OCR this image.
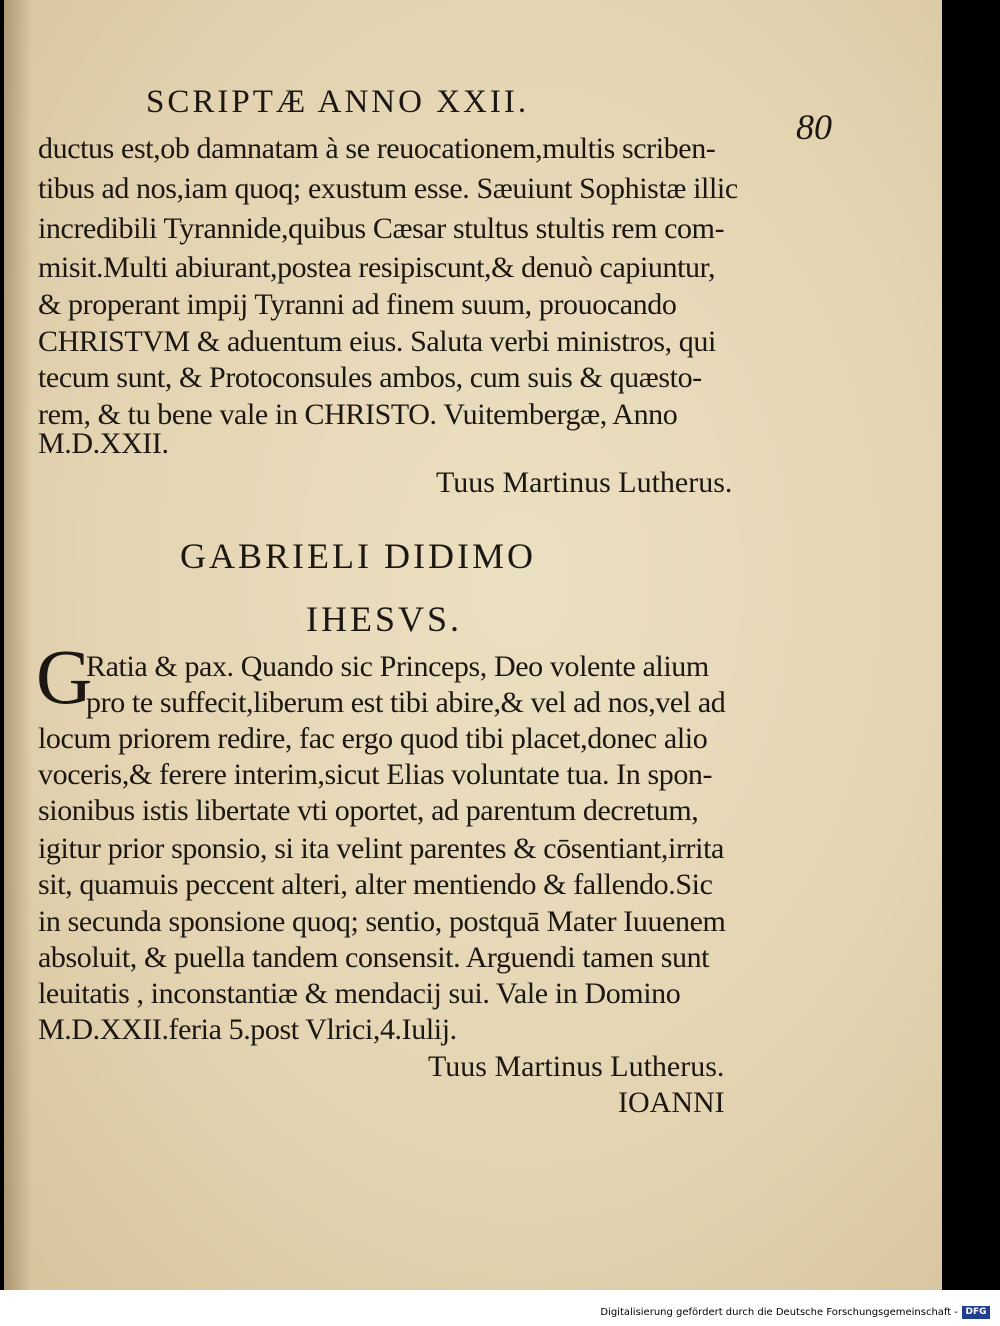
SCRIPTÆ ANNO XXII.
80
ductus est,ob damnatam à se reuocationem,multis scriben-
tibus ad nos,iam quoq; exustum esse. Sæuiunt Sophistæ illic
incredibili Tyrannide,quibus Cæsar stultus stultis rem com-
misit.Multi abiurant,postea resipiscunt,& denuò capiuntur,
& properant impij Tyranni ad finem suum, prouocando
CHRISTVM & aduentum eius. Saluta verbi ministros, qui
tecum sunt, & Protoconsules ambos, cum suis & quæsto-
rem, & tu bene vale in CHRISTO. Vuitembergæ, Anno
M.D.XXII.
Tuus Martinus Lutherus.
GABRIELI DIDIMO
IHESVS.
G
Ratia & pax. Quando sic Princeps, Deo volente alium
pro te suffecit,liberum est tibi abire,& vel ad nos,vel ad
locum priorem redire, fac ergo quod tibi placet,donec alio
voceris,& ferere interim,sicut Elias voluntate tua. In spon-
sionibus istis libertate vti oportet, ad parentum decretum,
igitur prior sponsio, si ita velint parentes & cōsentiant,irrita
sit, quamuis peccent alteri, alter mentiendo & fallendo.Sic
in secunda sponsione quoq; sentio, postquā Mater Iuuenem
absoluit, & puella tandem consensit. Arguendi tamen sunt
leuitatis , inconstantiæ & mendacij sui. Vale in Domino
M.D.XXII.feria 5.post Vlrici,4.Iulij.
Tuus Martinus Lutherus.
IOANNI
Digitalisierung gefördert durch die Deutsche Forschungsgemeinschaft - DFG
